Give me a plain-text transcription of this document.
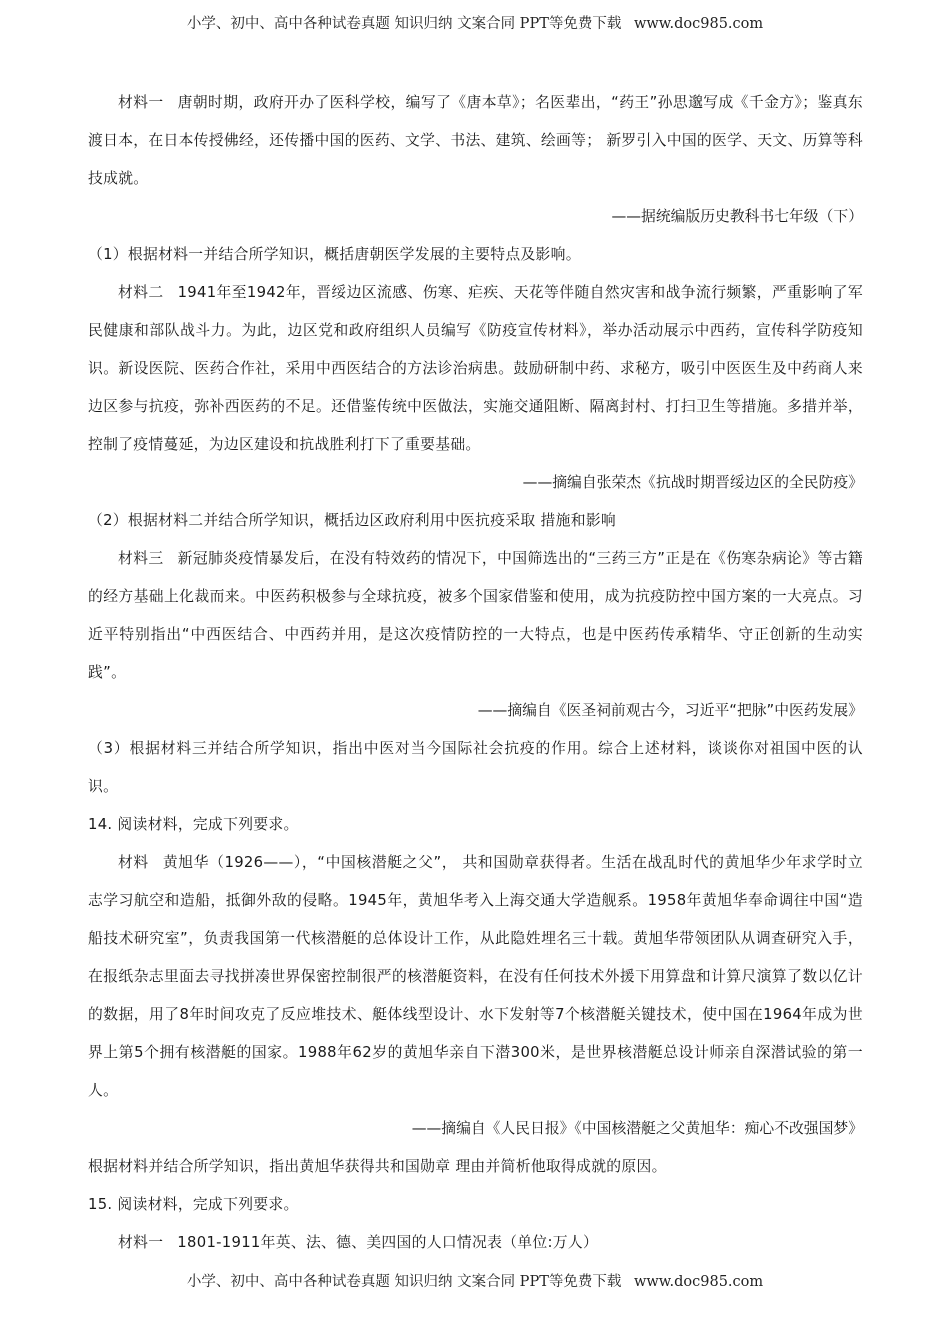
小学、初中、高中各种试卷真题 知识归纳 文案合同 PPT等免费下载 www.doc985.com

材料一 唐朝时期，政府开办了医科学校，编写了《唐本草》；名医辈出，“药王”孙思邈写成《千金方》；鉴真东渡日本，在日本传授佛经，还传播中国的医药、文学、书法、建筑、绘画等； 新罗引入中国的医学、天文、历算等科技成就。

——据统编版历史教科书七年级（下）

（1）根据材料一并结合所学知识，概括唐朝医学发展的主要特点及影响。

材料二 1941年至1942年，晋绥边区流感、伤寒、疟疾、天花等伴随自然灾害和战争流行频繁，严重影响了军民健康和部队战斗力。为此，边区党和政府组织人员编写《防疫宣传材料》，举办活动展示中西药，宣传科学防疫知识。新设医院、医药合作社，采用中西医结合的方法诊治病患。鼓励研制中药、求秘方，吸引中医医生及中药商人来边区参与抗疫，弥补西医药的不足。还借鉴传统中医做法，实施交通阻断、隔离封村、打扫卫生等措施。多措并举，控制了疫情蔓延，为边区建设和抗战胜利打下了重要基础。

——摘编自张荣杰《抗战时期晋绥边区的全民防疫》

（2）根据材料二并结合所学知识，概括边区政府利用中医抗疫采取 措施和影响

材料三 新冠肺炎疫情暴发后，在没有特效药的情况下，中国筛选出的“三药三方”正是在《伤寒杂病论》等古籍的经方基础上化裁而来。中医药积极参与全球抗疫，被多个国家借鉴和使用，成为抗疫防控中国方案的一大亮点。习近平特别指出“中西医结合、中西药并用，是这次疫情防控的一大特点，也是中医药传承精华、守正创新的生动实践”。

——摘编自《医圣祠前观古今，习近平“把脉”中医药发展》

（3）根据材料三并结合所学知识，指出中医对当今国际社会抗疫的作用。综合上述材料，谈谈你对祖国中医的认识。

14. 阅读材料，完成下列要求。

材料 黄旭华（1926——），“中国核潜艇之父”， 共和国勋章获得者。生活在战乱时代的黄旭华少年求学时立志学习航空和造船，抵御外敌的侵略。1945年，黄旭华考入上海交通大学造舰系。1958年黄旭华奉命调往中国“造船技术研究室”，负责我国第一代核潜艇的总体设计工作，从此隐姓埋名三十载。黄旭华带领团队从调查研究入手，在报纸杂志里面去寻找拼凑世界保密控制很严的核潜艇资料，在没有任何技术外援下用算盘和计算尺演算了数以亿计的数据，用了8年时间攻克了反应堆技术、艇体线型设计、水下发射等7个核潜艇关键技术，使中国在1964年成为世界上第5个拥有核潜艇的国家。1988年62岁的黄旭华亲自下潜300米，是世界核潜艇总设计师亲自深潜试验的第一人。

——摘编自《人民日报》《中国核潜艇之父黄旭华：痴心不改强国梦》

根据材料并结合所学知识，指出黄旭华获得共和国勋章 理由并简析他取得成就的原因。

15. 阅读材料，完成下列要求。

材料一 1801-1911年英、法、德、美四国的人口情况表（单位:万人）

小学、初中、高中各种试卷真题 知识归纳 文案合同 PPT等免费下载 www.doc985.com
